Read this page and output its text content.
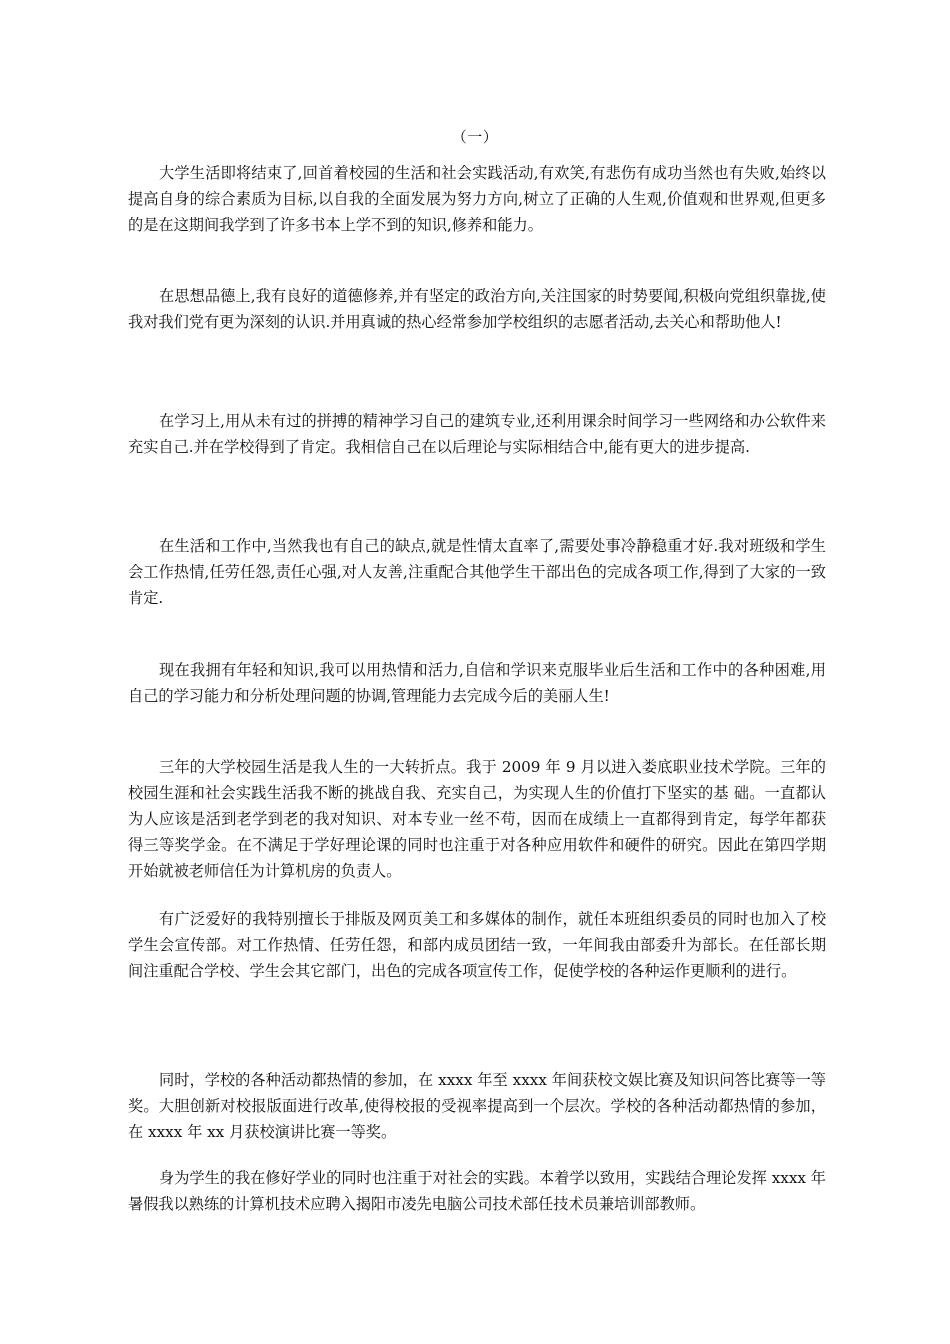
（一）

大学生活即将结束了,回首着校园的生活和社会实践活动,有欢笑,有悲伤有成功当然也有失败,始终以提高自身的综合素质为目标,以自我的全面发展为努力方向,树立了正确的人生观,价值观和世界观,但更多的是在这期间我学到了许多书本上学不到的知识,修养和能力。

在思想品德上,我有良好的道德修养,并有坚定的政治方向,关注国家的时势要闻,积极向党组织靠拢,使我对我们党有更为深刻的认识.并用真诚的热心经常参加学校组织的志愿者活动,去关心和帮助他人!

在学习上,用从未有过的拼搏的精神学习自己的建筑专业,还利用课余时间学习一些网络和办公软件来充实自己.并在学校得到了肯定。我相信自己在以后理论与实际相结合中,能有更大的进步提高.

在生活和工作中,当然我也有自己的缺点,就是性情太直率了,需要处事冷静稳重才好.我对班级和学生会工作热情,任劳任怨,责任心强,对人友善,注重配合其他学生干部出色的完成各项工作,得到了大家的一致肯定.

现在我拥有年轻和知识,我可以用热情和活力,自信和学识来克服毕业后生活和工作中的各种困难,用自己的学习能力和分析处理问题的协调,管理能力去完成今后的美丽人生!

三年的大学校园生活是我人生的一大转折点。我于 2009 年 9 月以进入娄底职业技术学院。三年的校园生涯和社会实践生活我不断的挑战自我、充实自己，为实现人生的价值打下坚实的基 础。一直都认为人应该是活到老学到老的我对知识、对本专业一丝不苟，因而在成绩上一直都得到肯定，每学年都获得三等奖学金。在不满足于学好理论课的同时也注重于对各种应用软件和硬件的研究。因此在第四学期开始就被老师信任为计算机房的负责人。

有广泛爱好的我特别擅长于排版及网页美工和多媒体的制作，就任本班组织委员的同时也加入了校学生会宣传部。对工作热情、任劳任怨，和部内成员团结一致，一年间我由部委升为部长。在任部长期间注重配合学校、学生会其它部门，出色的完成各项宣传工作，促使学校的各种运作更顺利的进行。

同时，学校的各种活动都热情的参加，在 xxxx 年至 xxxx 年间获校文娱比赛及知识问答比赛等一等奖。大胆创新对校报版面进行改革,使得校报的受视率提高到一个层次。学校的各种活动都热情的参加，在 xxxx 年 xx 月获校演讲比赛一等奖。

身为学生的我在修好学业的同时也注重于对社会的实践。本着学以致用，实践结合理论发挥 xxxx 年暑假我以熟练的计算机技术应聘入揭阳市凌先电脑公司技术部任技术员兼培训部教师。
